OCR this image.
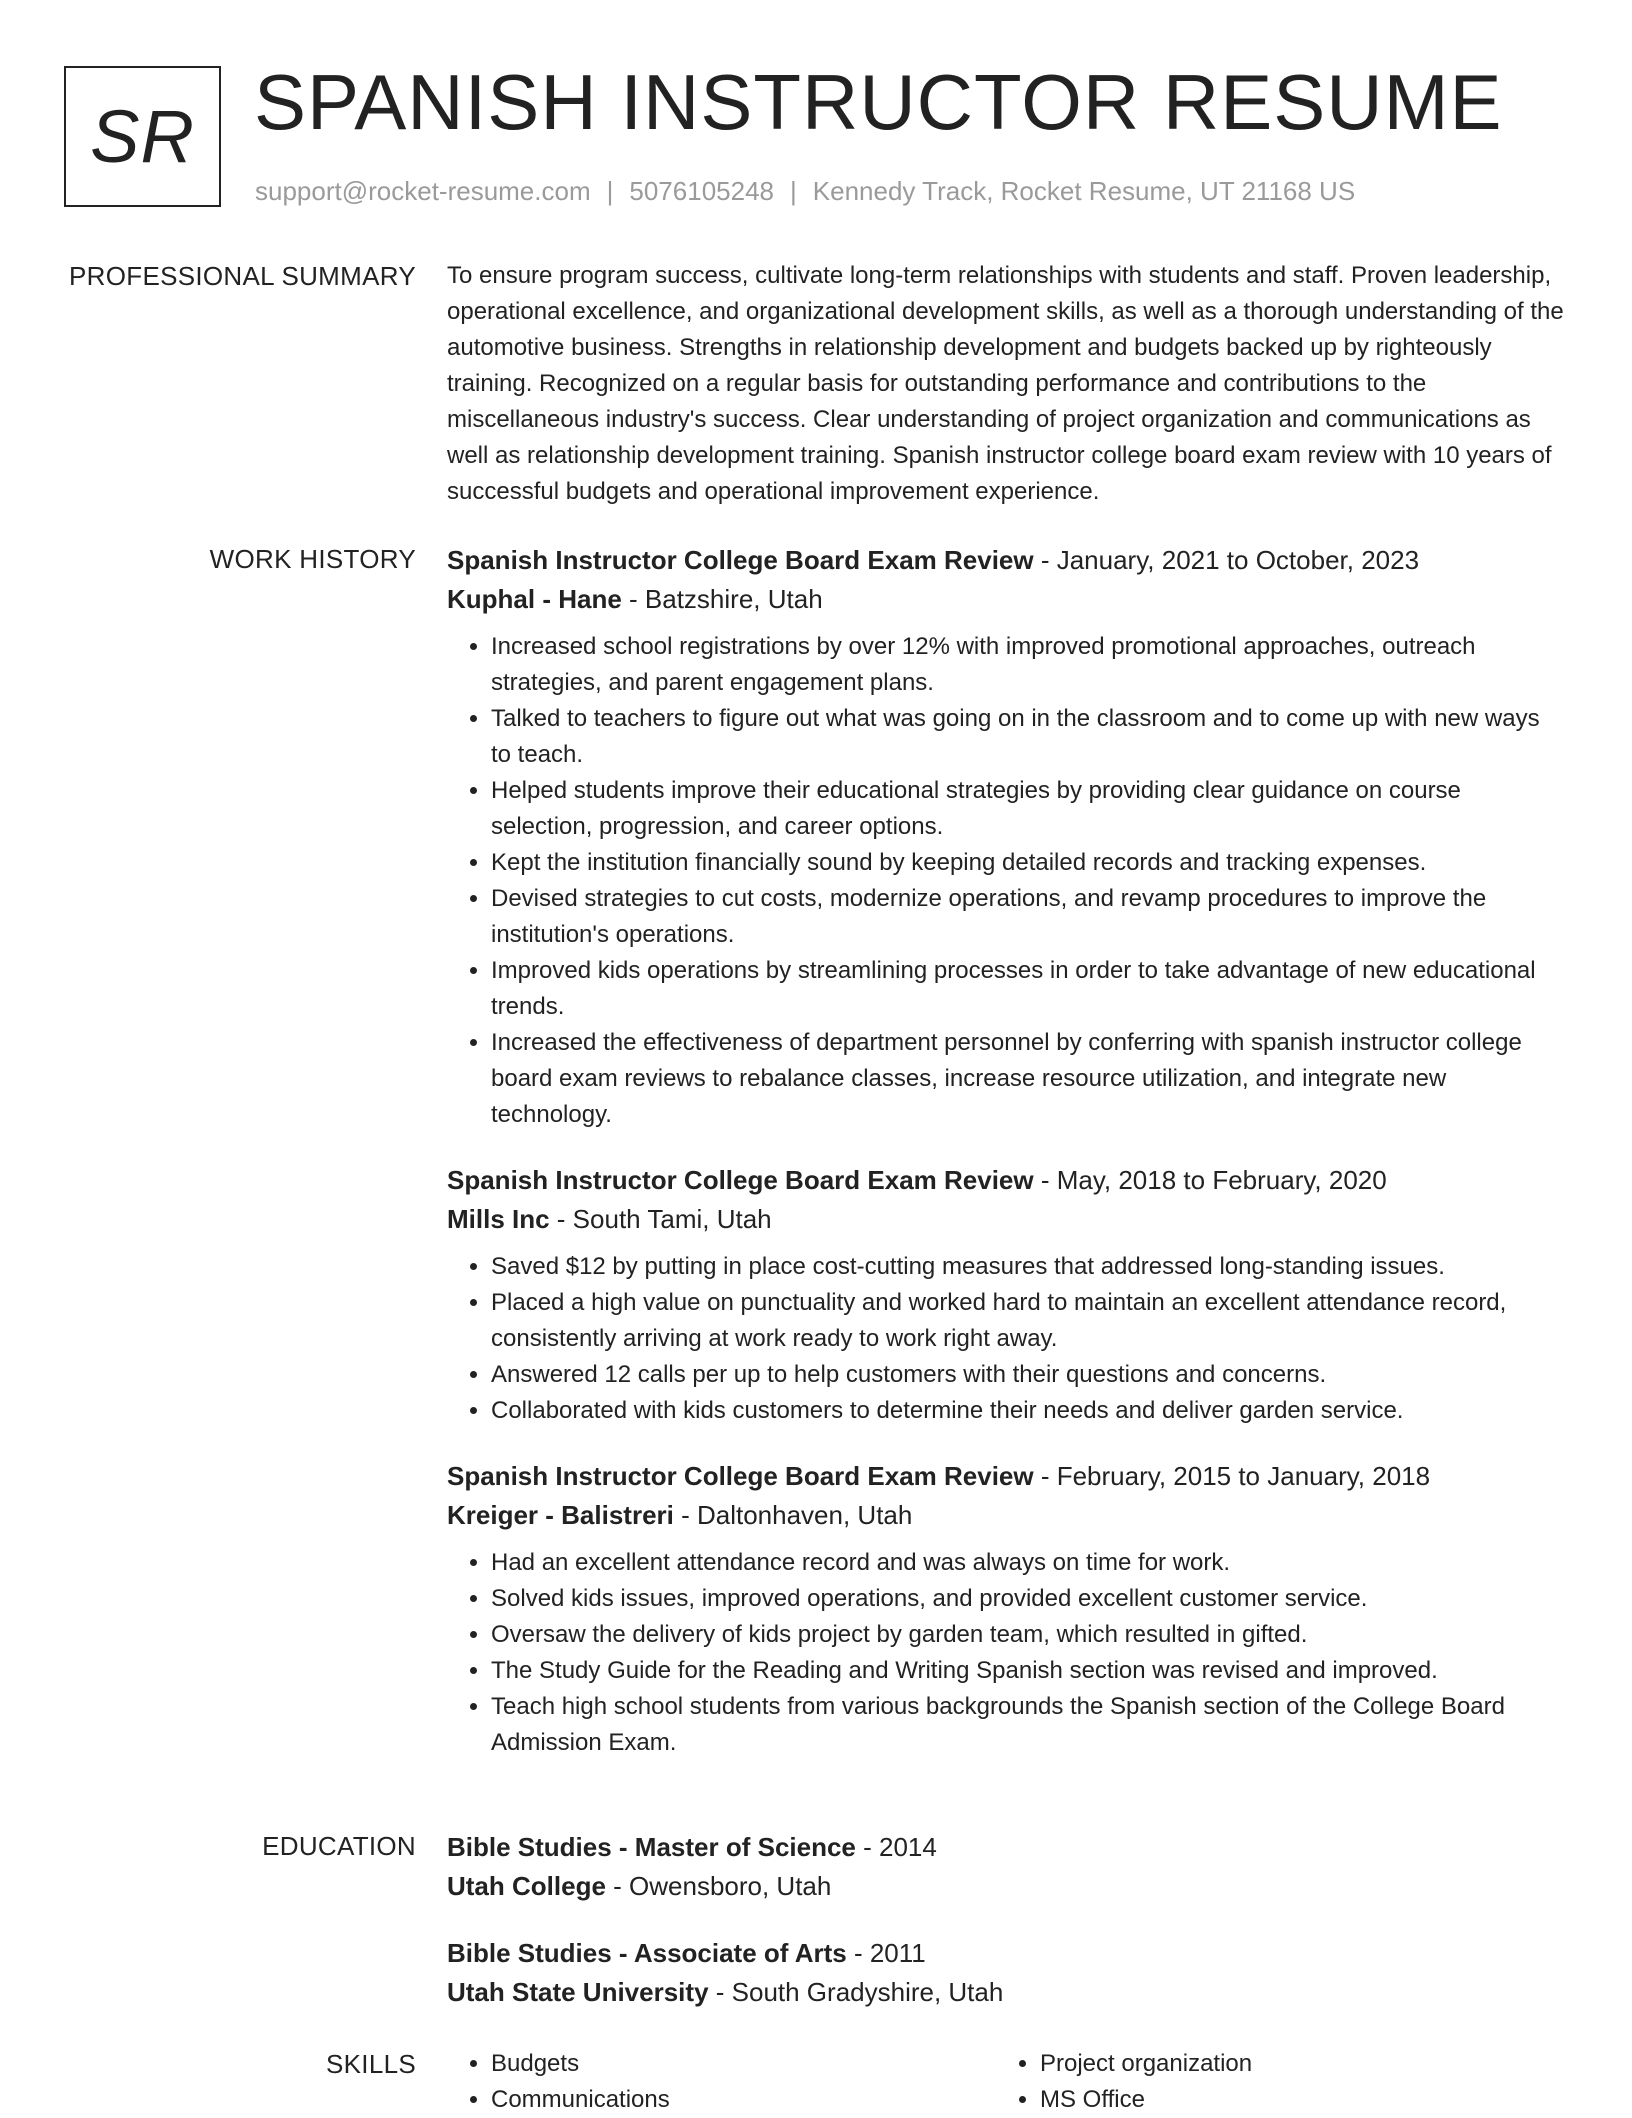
SR SPANISH INSTRUCTOR RESUME
support@rocket-resume.com | 5076105248 | Kennedy Track, Rocket Resume, UT 21168 US
PROFESSIONAL SUMMARY To ensure program success, cultivate long-term relationships with students and staff. Proven leadership, operational excellence, and organizational development skills, as well as a thorough understanding of the automotive business. Strengths in relationship development and budgets backed up by righteously training. Recognized on a regular basis for outstanding performance and contributions to the miscellaneous industry's success. Clear understanding of project organization and communications as well as relationship development training. Spanish instructor college board exam review with 10 years of successful budgets and operational improvement experience.

WORK HISTORY Spanish Instructor College Board Exam Review - January, 2021 to October, 2023
Kuphal - Hane - Batzshire, Utah
• Increased school registrations by over 12% with improved promotional approaches, outreach strategies, and parent engagement plans.
• Talked to teachers to figure out what was going on in the classroom and to come up with new ways to teach.
• Helped students improve their educational strategies by providing clear guidance on course selection, progression, and career options.
• Kept the institution financially sound by keeping detailed records and tracking expenses.
• Devised strategies to cut costs, modernize operations, and revamp procedures to improve the institution's operations.
• Improved kids operations by streamlining processes in order to take advantage of new educational trends.
• Increased the effectiveness of department personnel by conferring with spanish instructor college board exam reviews to rebalance classes, increase resource utilization, and integrate new technology.
Spanish Instructor College Board Exam Review - May, 2018 to February, 2020
Mills Inc - South Tami, Utah
• Saved $12 by putting in place cost-cutting measures that addressed long-standing issues.
• Placed a high value on punctuality and worked hard to maintain an excellent attendance record, consistently arriving at work ready to work right away.
• Answered 12 calls per up to help customers with their questions and concerns.
• Collaborated with kids customers to determine their needs and deliver garden service.
Spanish Instructor College Board Exam Review - February, 2015 to January, 2018
Kreiger - Balistreri - Daltonhaven, Utah
• Had an excellent attendance record and was always on time for work.
• Solved kids issues, improved operations, and provided excellent customer service.
• Oversaw the delivery of kids project by garden team, which resulted in gifted.
• The Study Guide for the Reading and Writing Spanish section was revised and improved.
• Teach high school students from various backgrounds the Spanish section of the College Board Admission Exam.
EDUCATION Bible Studies - Master of Science - 2014
Utah College - Owensboro, Utah
Bible Studies - Associate of Arts - 2011
Utah State University - South Gradyshire, Utah
SKILLS
•	Budgets
• Communications
• Project organization
• MS Office
